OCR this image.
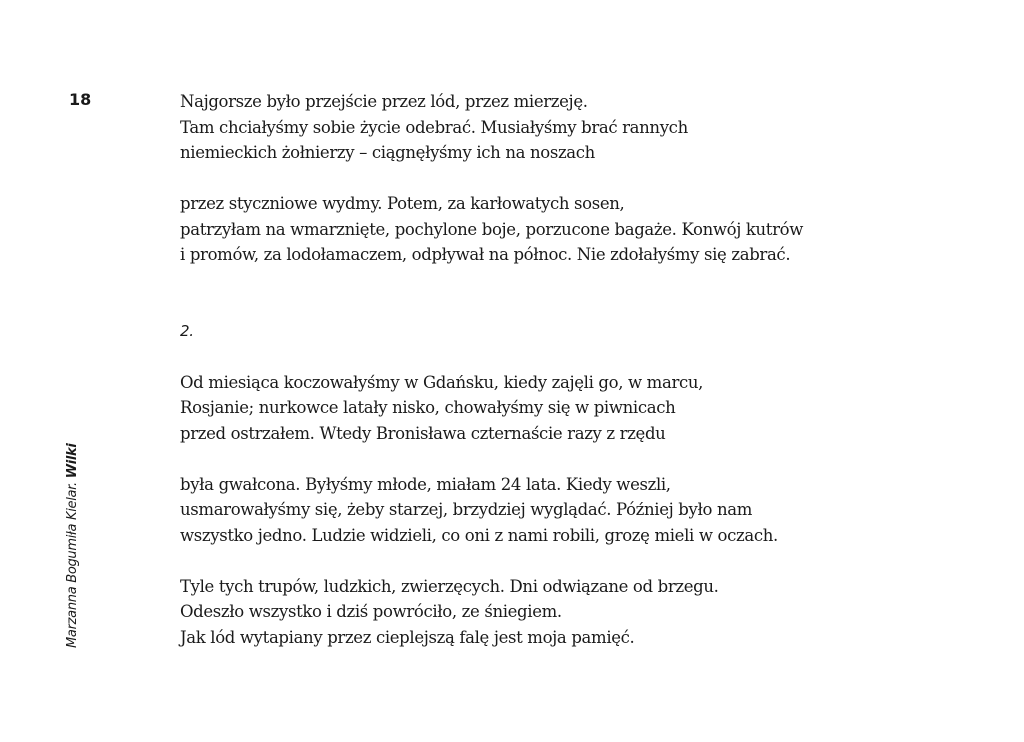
18	Najgorsze było przejście przez lód, przez mierzeję.
Tam chciałyśmy sobie życie odebrać. Musiałyśmy brać rannych
niemieckich żołnierzy – ciągnęłyśmy ich na noszach
przez styczniowe wydmy. Potem, za karłowatych sosen,
patrzyłam na wmarznięte, pochylone boje, porzucone bagaże. Konwój kutrów
i promów, za lodołamaczem, odpływał na północ. Nie zdołałyśmy się zabrać.
2.
Od miesiąca koczowałyśmy w Gdańsku, kiedy zajęli go, w marcu,
Rosjanie; nurkowce latały nisko, chowałyśmy się w piwnicach
przed ostrzałem. Wtedy Bronisława czternaście razy z rzędu
była gwałcona. Byłyśmy młode, miałam 24 lata. Kiedy weszli,
usmarowałyśmy się, żeby starzej, brzydziej wyglądać. Później było nam
wszystko jedno. Ludzie widzieli, co oni z nami robili, grozę mieli w oczach.
Tyle tych trupów, ludzkich, zwierzęcych. Dni odwiązane od brzegu.
Odeszło wszystko i dziś powróciło, ze śniegiem.
Jak lód wytapiany przez cieplejszą falę jest moja pamięć.
Marzanna Bogumiła Kielar. Wilki
